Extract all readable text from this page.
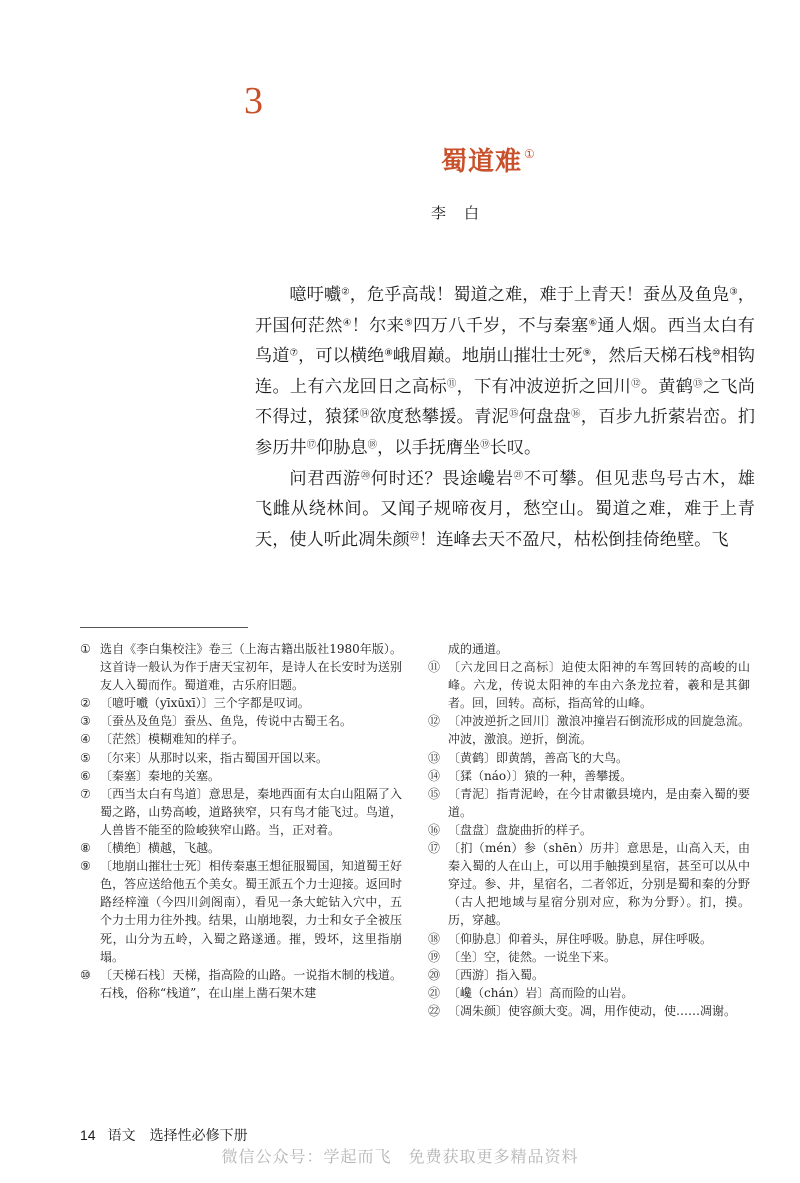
3
蜀道难 ①
李白

噫吁嚱②，危乎高哉！蜀道之难，难于上青天！蚕丛及鱼凫③，开国何茫然④！尔来⑤四万八千岁，不与秦塞⑥通人烟。西当太白有鸟道⑦，可以横绝⑧峨眉巅。地崩山摧壮士死⑨，然后天梯石栈⑩相钩连。上有六龙回日之高标⑪，下有冲波逆折之回川⑫。黄鹤⑬之飞尚不得过，猿猱⑭欲度愁攀援。青泥⑮何盘盘⑯，百步九折萦岩峦。扪参历井⑰仰胁息⑱，以手抚膺坐⑲长叹。

问君西游⑳何时还？畏途巉岩$^㉑$不可攀。但见悲鸟号古木，雄飞雌从绕林间。又闻子规啼夜月，愁空山。蜀道之难，难于上青天，使人听此凋朱颜$^㉒$！连峰去天不盈尺，枯松倒挂倚绝壁。飞

① 选自《李白集校注》卷三（上海古籍出版社1980年版）。这首诗一般认为作于唐天宝初年，是诗人在长安时为送别友人入蜀而作。蜀道难，古乐府旧题。
② 〔噫吁嚱（yīxūxī）〕三个字都是叹词。
③ 〔蚕丛及鱼凫〕蚕丛、鱼凫，传说中古蜀王名。
④ 〔茫然〕模糊难知的样子。
⑤ 〔尔来〕从那时以来，指古蜀国开国以来。
⑥ 〔秦塞〕秦地的关塞。
⑦ 〔西当太白有鸟道〕意思是，秦地西面有太白山阻隔了入蜀之路，山势高峻，道路狭窄，只有鸟才能飞过。鸟道，人兽皆不能至的险峻狭窄山路。当，正对着。
⑧ 〔横绝〕横越，飞越。
⑨ 〔地崩山摧壮士死〕相传秦惠王想征服蜀国，知道蜀王好色，答应送给他五个美女。蜀王派五个力士迎接。返回时路经梓潼（今四川剑阁南），看见一条大蛇钻入穴中，五个力士用力往外拽。结果，山崩地裂，力士和女子全被压死，山分为五岭，入蜀之路遂通。摧，毁坏，这里指崩塌。
⑩ 〔天梯石栈〕天梯，指高险的山路。一说指木制的栈道。石栈，俗称“栈道”，在山崖上凿石架木建
成的通道。
⑪ 〔六龙回日之高标〕迫使太阳神的车驾回转的高峻的山峰。六龙，传说太阳神的车由六条龙拉着，羲和是其御者。回，回转。高标，指高耸的山峰。
⑫ 〔冲波逆折之回川〕激浪冲撞岩石倒流形成的回旋急流。冲波，激浪。逆折，倒流。
⑬ 〔黄鹤〕即黄鹄，善高飞的大鸟。
⑭ 〔猱（náo）〕猿的一种，善攀援。
⑮ 〔青泥〕指青泥岭，在今甘肃徽县境内，是由秦入蜀的要道。
⑯ 〔盘盘〕盘旋曲折的样子。
⑰ 〔扪（mén）参（shēn）历井〕意思是，山高入天，由秦入蜀的人在山上，可以用手触摸到星宿，甚至可以从中穿过。参、井，星宿名，二者邻近，分别是蜀和秦的分野（古人把地域与星宿分别对应，称为分野）。扪，摸。历，穿越。
⑱ 〔仰胁息〕仰着头，屏住呼吸。胁息，屏住呼吸。
⑲ 〔坐〕空，徒然。一说坐下来。
⑳ 〔西游〕指入蜀。
㉑ 〔巉（chán）岩〕高而险的山岩。
㉒ 〔凋朱颜〕使容颜大变。凋，用作使动，使……凋谢。
14 语文　选择性必修下册
微信公众号：学起而飞　免费获取更多精品资料
